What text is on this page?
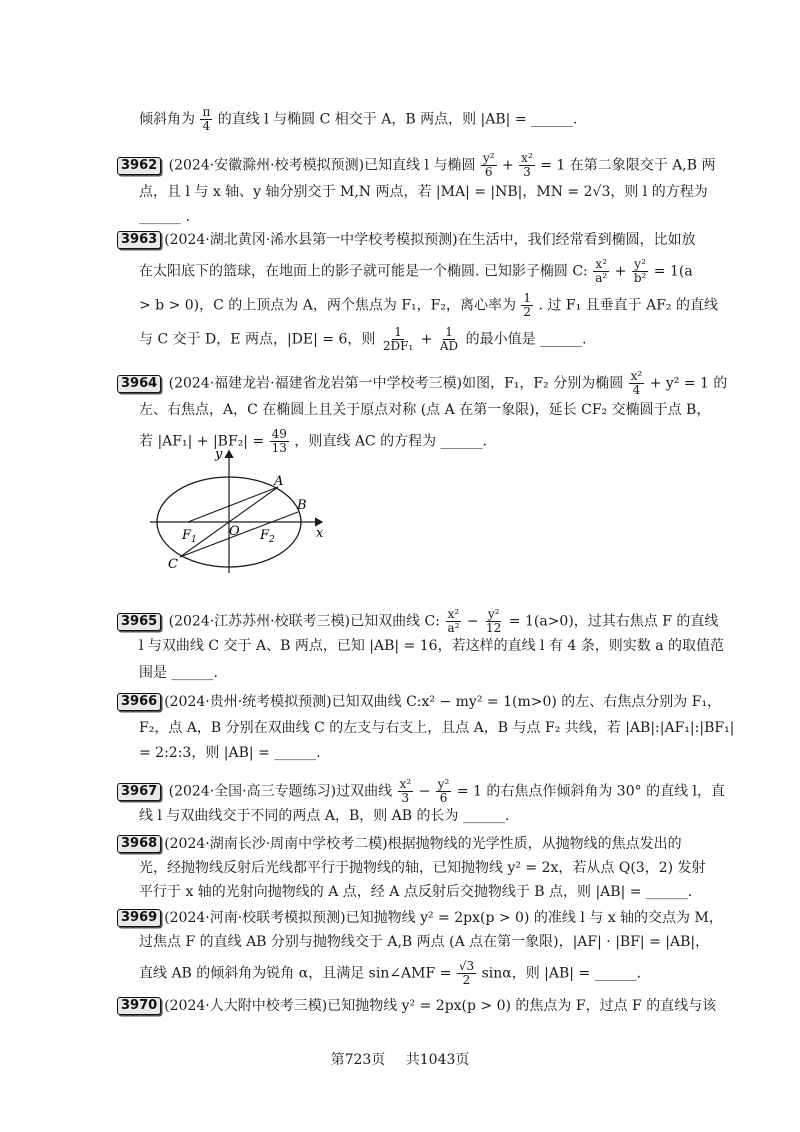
倾斜角为 $\frac{\pi}{4}$ 的直线 l 与椭圆 C 相交于 A，B 两点，则 |AB| = ______.
3962 (2024·安徽滁州·校考模拟预测)已知直线 l 与椭圆 $\frac{\text{y²}}{6} + \frac{\text{x²}}{3} = 1$ 在第二象限交于 A,B 两
点，且 l 与 x 轴、y 轴分别交于 M,N 两点，若 |MA| = |NB|，MN = 2√3，则 l 的方程为
______ .
3963 (2024·湖北黄冈·浠水县第一中学校考模拟预测)在生活中，我们经常看到椭圆，比如放
在太阳底下的篮球，在地面上的影子就可能是一个椭圆. 已知影子椭圆 C: $\frac{\text{x²}}{\text{a²}} + \frac{\text{y²}}{\text{b²}} = 1(a$
> b > 0)，C 的上顶点为 A，两个焦点为 F₁，F₂，离心率为 $\frac{1}{2}$ . 过 F₁ 且垂直于 AF₂ 的直线
与 C 交于 D，E 两点，|DE| = 6，则 $\frac{1}{\text{2DF₁}} + \frac{1}{AD}$ 的最小值是 ______.
3964 (2024·福建龙岩·福建省龙岩第一中学校考三模)如图，F₁，F₂ 分别为椭圆 $\frac{\text{x²}}{4} + y^2 = 1$ 的
左、右焦点，A，C 在椭圆上且关于原点对称 (点 A 在第一象限)，延长 CF₂ 交椭圆于点 B，
若 $|AF_1| + |BF_2| = \frac{49}{13}$ ，则直线 AC 的方程为 ______.
y
x
A
B
C
O
$F_1$	$F_2$
3965 (2024·江苏苏州·校联考三模)已知双曲线 C: $\frac{\text{x²}}{\text{a²}} - \frac{\text{y²}}{12} = 1(a>0)$，过其右焦点 F 的直线
l 与双曲线 C 交于 A、B 两点，已知 |AB| = 16，若这样的直线 l 有 4 条，则实数 a 的取值范
围是 ______.
3966 (2024·贵州·统考模拟预测)已知双曲线 C:x² − my² = 1(m>0) 的左、右焦点分别为 F₁，
F₂，点 A，B 分别在双曲线 C 的左支与右支上，且点 A，B 与点 F₂ 共线，若 |AB|:|AF₁|:|BF₁|
= 2:2:3，则 |AB| = ______.
3967 (2024·全国·高三专题练习)过双曲线 $\frac{\text{x²}}{3} - \frac{\text{y²}}{6} = 1$ 的右焦点作倾斜角为 30° 的直线 l，直
线 l 与双曲线交于不同的两点 A，B，则 AB 的长为 ______.
3968 (2024·湖南长沙·周南中学校考二模)根据抛物线的光学性质，从抛物线的焦点发出的
光，经抛物线反射后光线都平行于抛物线的轴，已知抛物线 y² = 2x，若从点 Q(3，2) 发射
平行于 x 轴的光射向抛物线的 A 点，经 A 点反射后交抛物线于 B 点，则 |AB| = ______.
3969 (2024·河南·校联考模拟预测)已知抛物线 y² = 2px(p > 0) 的准线 l 与 x 轴的交点为 M，
过焦点 F 的直线 AB 分别与抛物线交于 A,B 两点 (A 点在第一象限)，|AF| · |BF| = |AB|，
直线 AB 的倾斜角为锐角 α，且满足 sin∠AMF = $\frac{√3}{2}$ sinα，则 |AB| = ______.
3970 (2024·人大附中校考三模)已知抛物线 y² = 2px(p > 0) 的焦点为 F，过点 F 的直线与该
第723页 共1043页
